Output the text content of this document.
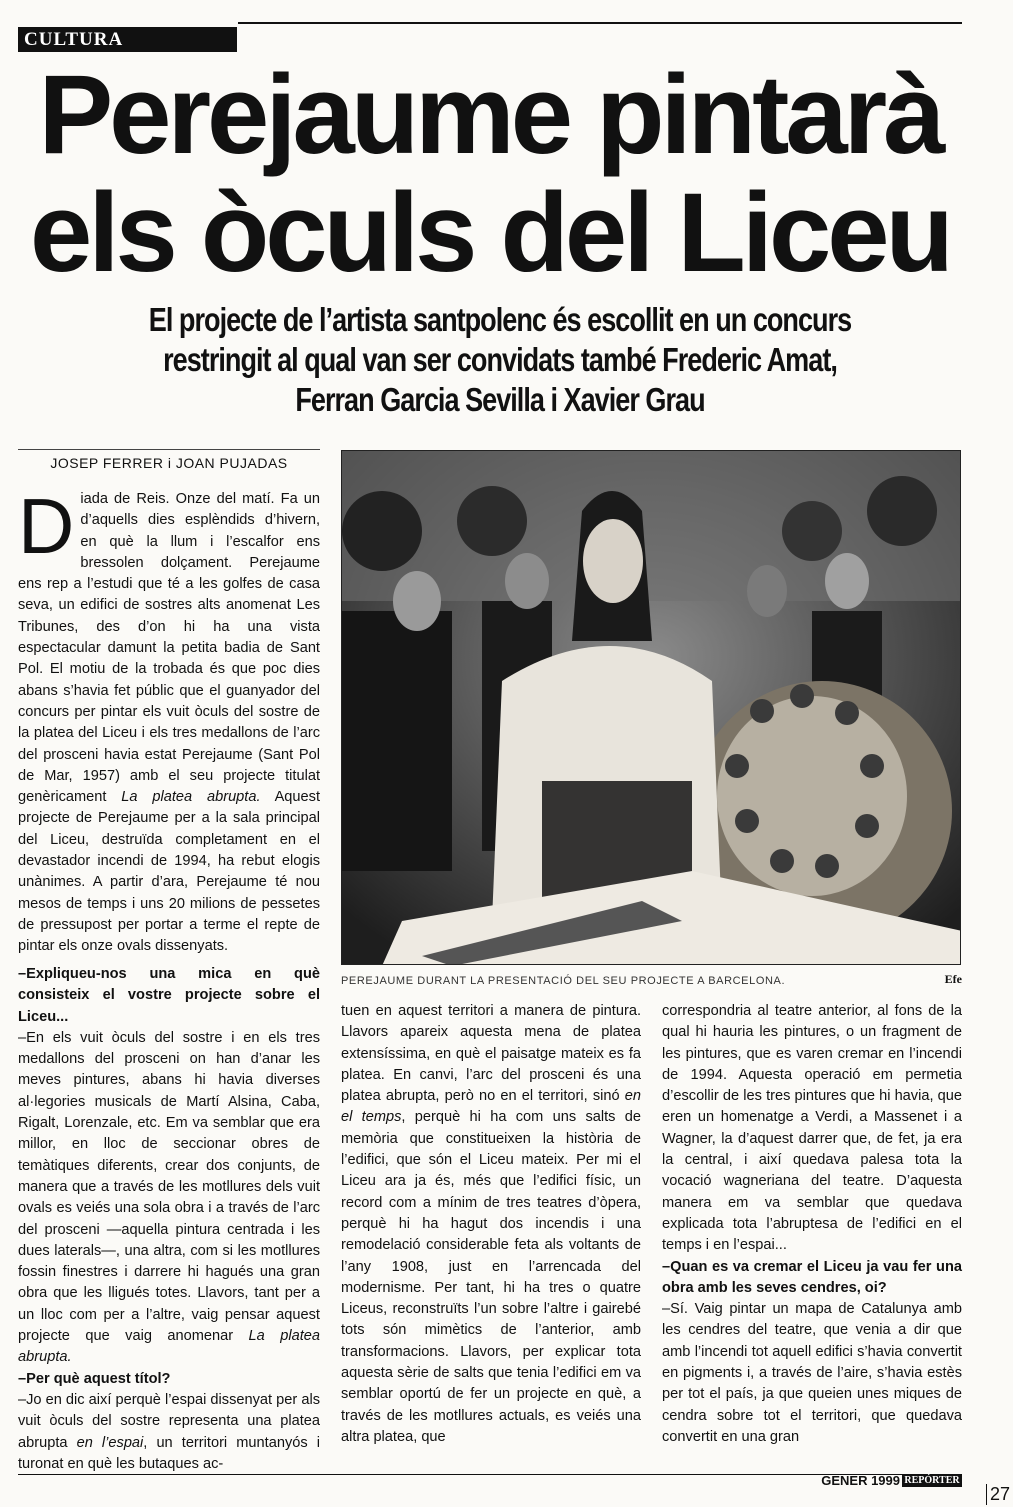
CULTURA
Perejaume pintarà
els òculs del Liceu
El projecte de l’artista santpolenc és escollit en un concurs
restringit al qual van ser convidats també Frederic Amat,
Ferran Garcia Sevilla i Xavier Grau
JOSEP FERRER i JOAN PUJADAS

Diada de Reis. Onze del matí. Fa un d’aquells dies esplèndids d’hivern, en què la llum i l’escalfor ens bressolen dolçament. Perejaume ens rep a l’estudi que té a les golfes de casa seva, un edifici de sostres alts anomenat Les Tribunes, des d’on hi ha una vista espectacular damunt la petita badia de Sant Pol. El motiu de la trobada és que poc dies abans s’havia fet públic que el guanyador del concurs per pintar els vuit òculs del sostre de la platea del Liceu i els tres medallons de l’arc del prosceni havia estat Perejaume (Sant Pol de Mar, 1957) amb el seu projecte titulat genèricament La platea abrupta. Aquest projecte de Perejaume per a la sala principal del Liceu, destruïda completament en el devastador incendi de 1994, ha rebut elogis unànimes. A partir d’ara, Perejaume té nou mesos de temps i uns 20 milions de pessetes de pressupost per portar a terme el repte de pintar els onze ovals dissenyats.

–Expliqueu-nos una mica en què consisteix el vostre projecte sobre el Liceu...

–En els vuit òculs del sostre i en els tres medallons del prosceni on han d’anar les meves pintures, abans hi havia diverses al·legories musicals de Martí Alsina, Caba, Rigalt, Lorenzale, etc. Em va semblar que era millor, en lloc de seccionar obres de temàtiques diferents, crear dos conjunts, de manera que a través de les motllures dels vuit ovals es veiés una sola obra i a través de l’arc del prosceni —aquella pintura centrada i les dues laterals—, una altra, com si les motllures fossin finestres i darrere hi hagués una gran obra que les lligués totes. Llavors, tant per a un lloc com per a l’altre, vaig pensar aquest projecte que vaig anomenar La platea abrupta.

–Per què aquest títol?

–Jo en dic així perquè l’espai dissenyat per als vuit òculs del sostre representa una platea abrupta en l’espai, un territori muntanyós i turonat en què les butaques ac-

PEREJAUME DURANT LA PRESENTACIÓ DEL SEU PROJECTE A BARCELONA.	Efe

tuen en aquest territori a manera de pintura. Llavors apareix aquesta mena de platea extensíssima, en què el paisatge mateix es fa platea. En canvi, l’arc del prosceni és una platea abrupta, però no en el territori, sinó en el temps, perquè hi ha com uns salts de memòria que constitueixen la història de l’edifici, que són el Liceu mateix. Per mi el Liceu ara ja és, més que l’edifici físic, un record com a mínim de tres teatres d’òpera, perquè hi ha hagut dos incendis i una remodelació considerable feta als voltants de l’any 1908, just en l’arrencada del modernisme. Per tant, hi ha tres o quatre Liceus, reconstruïts l’un sobre l’altre i gairebé tots són mimètics de l’anterior, amb transformacions. Llavors, per explicar tota aquesta sèrie de salts que tenia l’edifici em va semblar oportú de fer un projecte en què, a través de les motllures actuals, es veiés una altra platea, que

correspondria al teatre anterior, al fons de la qual hi hauria les pintures, o un fragment de les pintures, que es varen cremar en l’incendi de 1994. Aquesta operació em permetia d’escollir de les tres pintures que hi havia, que eren un homenatge a Verdi, a Massenet i a Wagner, la d’aquest darrer que, de fet, ja era la central, i així quedava palesa tota la vocació wagneriana del teatre. D’aquesta manera em va semblar que quedava explicada tota l’abruptesa de l’edifici en el temps i en l’espai...

–Quan es va cremar el Liceu ja vau fer una obra amb les seves cendres, oi?

–Sí. Vaig pintar un mapa de Catalunya amb les cendres del teatre, que venia a dir que amb l’incendi tot aquell edifici s’havia convertit en pigments i, a través de l’aire, s’havia estès per tot el país, ja que queien unes miques de cendra sobre tot el territori, que quedava convertit en una gran

GENER 1999 REPÓRTER
27
